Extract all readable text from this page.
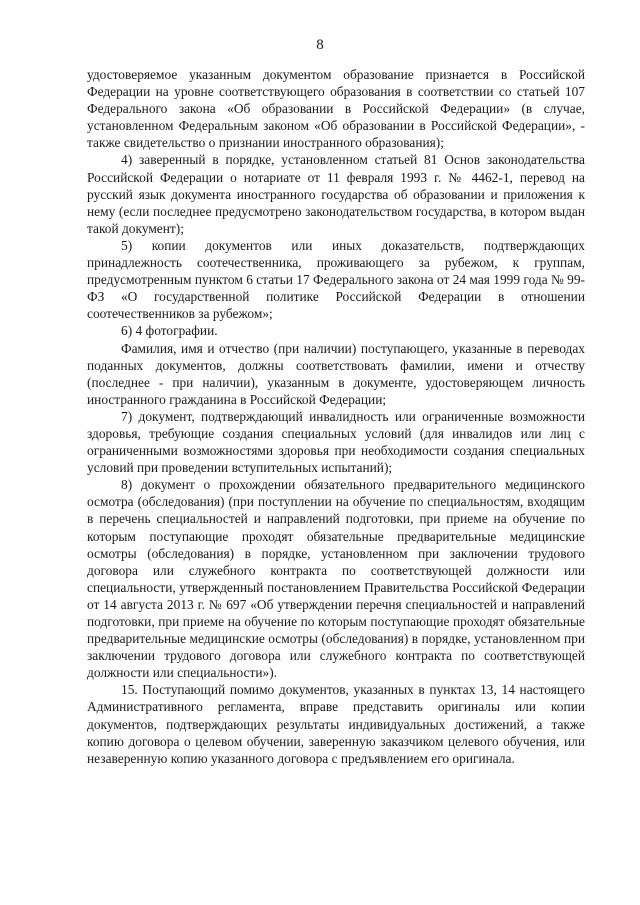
8

удостоверяемое указанным документом образование признается в Российской Федерации на уровне соответствующего образования в соответствии со статьей 107 Федерального закона «Об образовании в Российской Федерации» (в случае, установленном Федеральным законом «Об образовании в Российской Федерации», - также свидетельство о признании иностранного образования);

4) заверенный в порядке, установленном статьей 81 Основ законодательства Российской Федерации о нотариате от 11 февраля 1993 г. № 4462-1, перевод на русский язык документа иностранного государства об образовании и приложения к нему (если последнее предусмотрено законодательством государства, в котором выдан такой документ);

5) копии документов или иных доказательств, подтверждающих принадлежность соотечественника, проживающего за рубежом, к группам, предусмотренным пунктом 6 статьи 17 Федерального закона от 24 мая 1999 года № 99-ФЗ «О государственной политике Российской Федерации в отношении соотечественников за рубежом»;

6) 4 фотографии.

Фамилия, имя и отчество (при наличии) поступающего, указанные в переводах поданных документов, должны соответствовать фамилии, имени и отчеству (последнее - при наличии), указанным в документе, удостоверяющем личность иностранного гражданина в Российской Федерации;

7) документ, подтверждающий инвалидность или ограниченные возможности здоровья, требующие создания специальных условий (для инвалидов или лиц с ограниченными возможностями здоровья при необходимости создания специальных условий при проведении вступительных испытаний);

8) документ о прохождении обязательного предварительного медицинского осмотра (обследования) (при поступлении на обучение по специальностям, входящим в перечень специальностей и направлений подготовки, при приеме на обучение по которым поступающие проходят обязательные предварительные медицинские осмотры (обследования) в порядке, установленном при заключении трудового договора или служебного контракта по соответствующей должности или специальности, утвержденный постановлением Правительства Российской Федерации от 14 августа 2013 г. № 697 «Об утверждении перечня специальностей и направлений подготовки, при приеме на обучение по которым поступающие проходят обязательные предварительные медицинские осмотры (обследования) в порядке, установленном при заключении трудового договора или служебного контракта по соответствующей должности или специальности»).

15. Поступающий помимо документов, указанных в пунктах 13, 14 настоящего Административного регламента, вправе представить оригиналы или копии документов, подтверждающих результаты индивидуальных достижений, а также копию договора о целевом обучении, заверенную заказчиком целевого обучения, или незаверенную копию указанного договора с предъявлением его оригинала.
